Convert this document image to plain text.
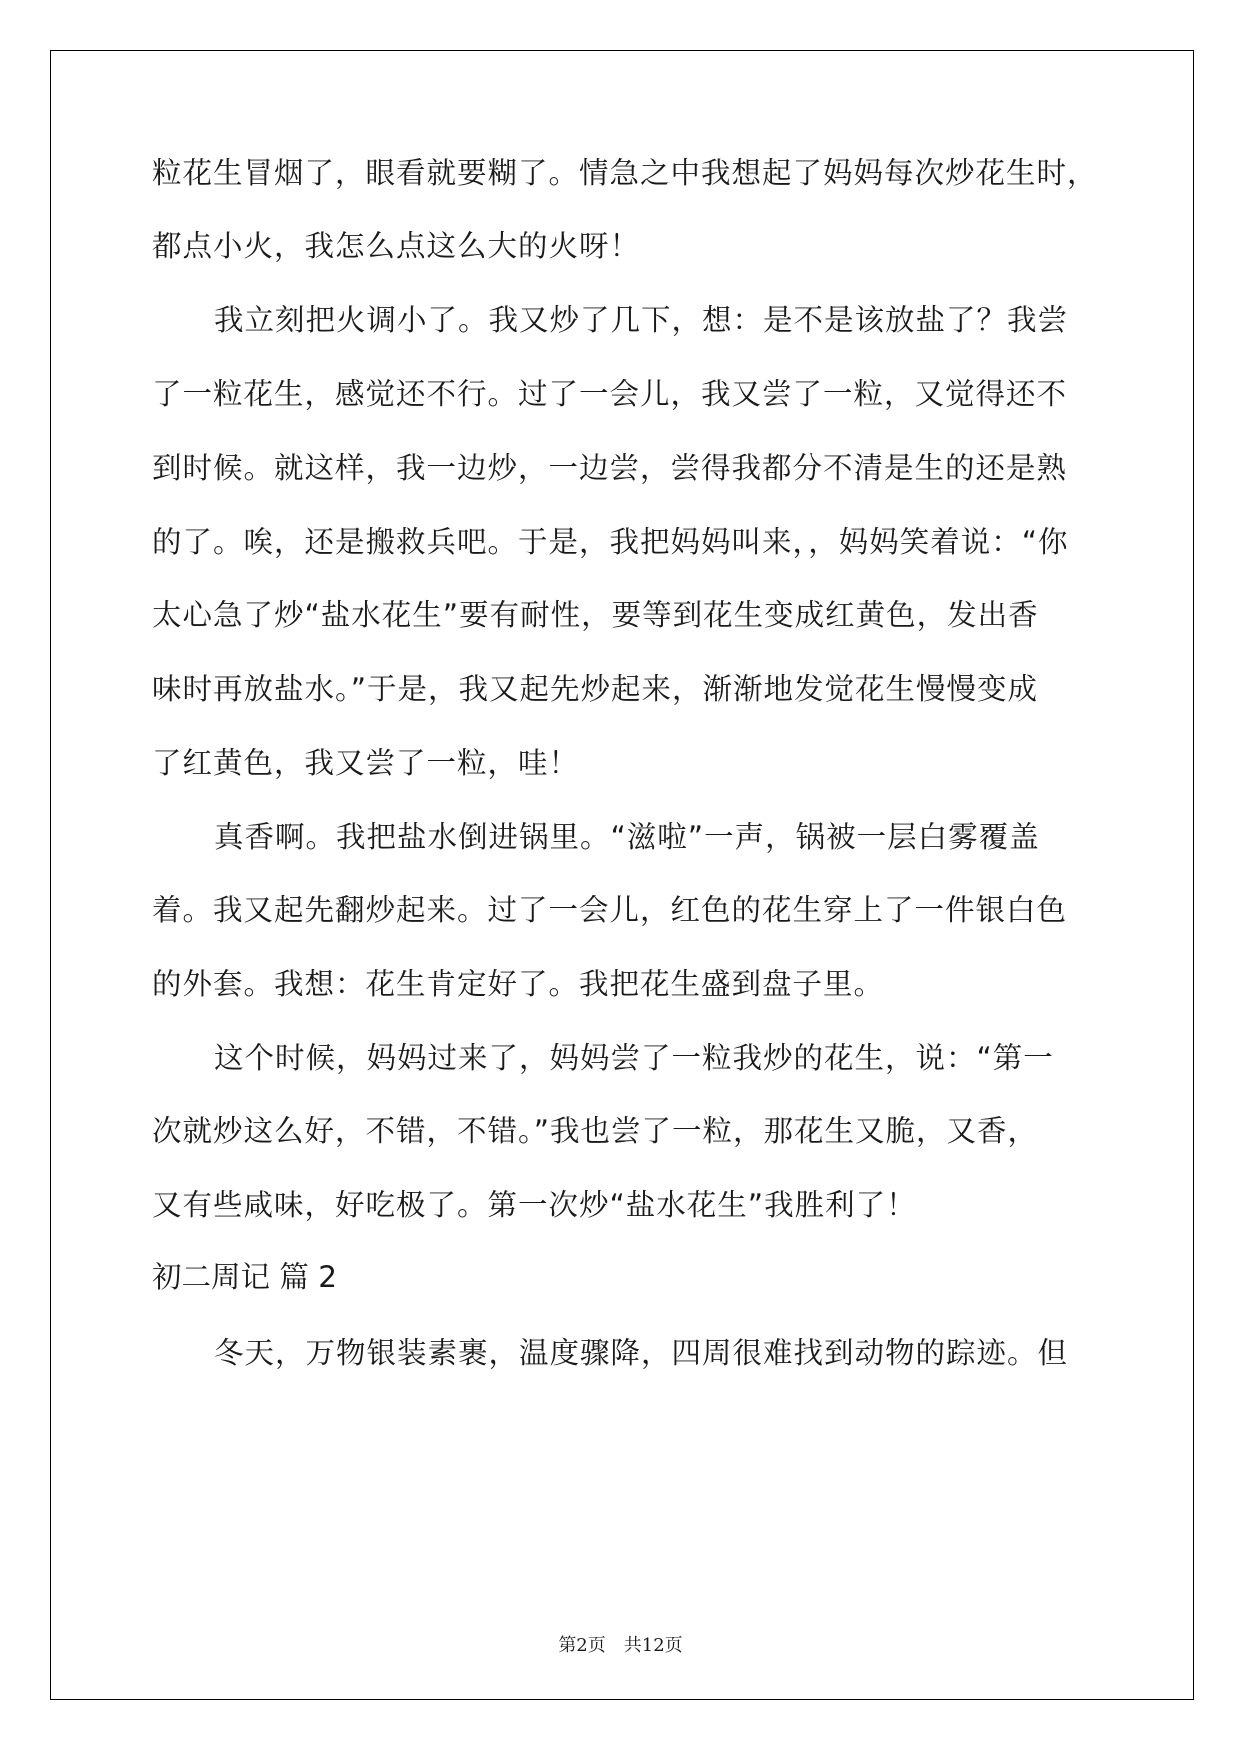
粒花生冒烟了，眼看就要糊了。情急之中我想起了妈妈每次炒花生时，

都点小火，我怎么点这么大的火呀！

我立刻把火调小了。我又炒了几下，想：是不是该放盐了？我尝

了一粒花生，感觉还不行。过了一会儿，我又尝了一粒，又觉得还不

到时候。就这样，我一边炒，一边尝，尝得我都分不清是生的还是熟

的了。唉，还是搬救兵吧。于是，我把妈妈叫来，，妈妈笑着说：“你

太心急了炒“盐水花生”要有耐性，要等到花生变成红黄色，发出香

味时再放盐水。”于是，我又起先炒起来，渐渐地发觉花生慢慢变成

了红黄色，我又尝了一粒，哇！

真香啊。我把盐水倒进锅里。“滋啦”一声，锅被一层白雾覆盖

着。我又起先翻炒起来。过了一会儿，红色的花生穿上了一件银白色

的外套。我想：花生肯定好了。我把花生盛到盘子里。

这个时候，妈妈过来了，妈妈尝了一粒我炒的花生，说：“第一

次就炒这么好，不错，不错。”我也尝了一粒，那花生又脆，又香，

又有些咸味，好吃极了。第一次炒“盐水花生”我胜利了！

初二周记 篇 2

冬天，万物银装素裹，温度骤降，四周很难找到动物的踪迹。但

第2页　共12页
